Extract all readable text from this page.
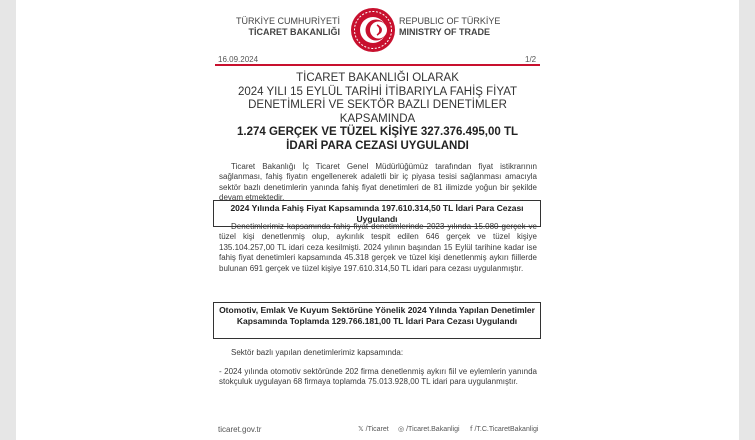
TÜRKİYE CUMHURİYETİ
TİCARET BAKANLIĞI
REPUBLIC OF TÜRKİYE
MINISTRY OF TRADE
16.09.2024	1/2
TİCARET BAKANLIĞI OLARAK
2024 YILI 15 EYLÜL TARİHİ İTİBARIYLA FAHİŞ FİYAT
DENETİMLERİ VE SEKTÖR BAZLI DENETİMLER KAPSAMINDA
1.274 GERÇEK VE TÜZEL KİŞİYE 327.376.495,00 TL
İDARİ PARA CEZASI UYGULANDI
Ticaret Bakanlığı İç Ticaret Genel Müdürlüğümüz tarafından fiyat istikrarının sağlanması, fahiş fiyatın engellenerek adaletli bir iç piyasa tesisi sağlanması amacıyla sektör bazlı denetimlerin yanında fahiş fiyat denetimleri de 81 ilimizde yoğun bir şekilde devam etmektedir.
2024 Yılında Fahiş Fiyat Kapsamında 197.610.314,50 TL İdari Para Cezası Uygulandı
Denetimlerimiz kapsamında fahiş fiyat denetimlerinde 2023 yılında 15.080 gerçek ve tüzel kişi denetlenmiş olup, aykırılık tespit edilen 646 gerçek ve tüzel kişiye 135.104.257,00 TL idari ceza kesilmişti. 2024 yılının başından 15 Eylül tarihine kadar ise fahiş fiyat denetimleri kapsamında 45.318 gerçek ve tüzel kişi denetlenmiş aykırı fiillerde bulunan 691 gerçek ve tüzel kişiye 197.610.314,50 TL idari para cezası uygulanmıştır.
Otomotiv, Emlak Ve Kuyum Sektörüne Yönelik 2024 Yılında Yapılan Denetimler Kapsamında Toplamda 129.766.181,00 TL İdari Para Cezası Uygulandı
Sektör bazlı yapılan denetimlerimiz kapsamında:
- 2024 yılında otomotiv sektöründe 202 firma denetlenmiş aykırı fiil ve eylemlerin yanında stokçuluk uygulayan 68 firmaya toplamda 75.013.928,00 TL idari para uygulanmıştır.
ticaret.gov.tr	𝕏 /Ticaret ◎ /Ticaret.Bakanligi f /T.C.TicaretBakanligi
